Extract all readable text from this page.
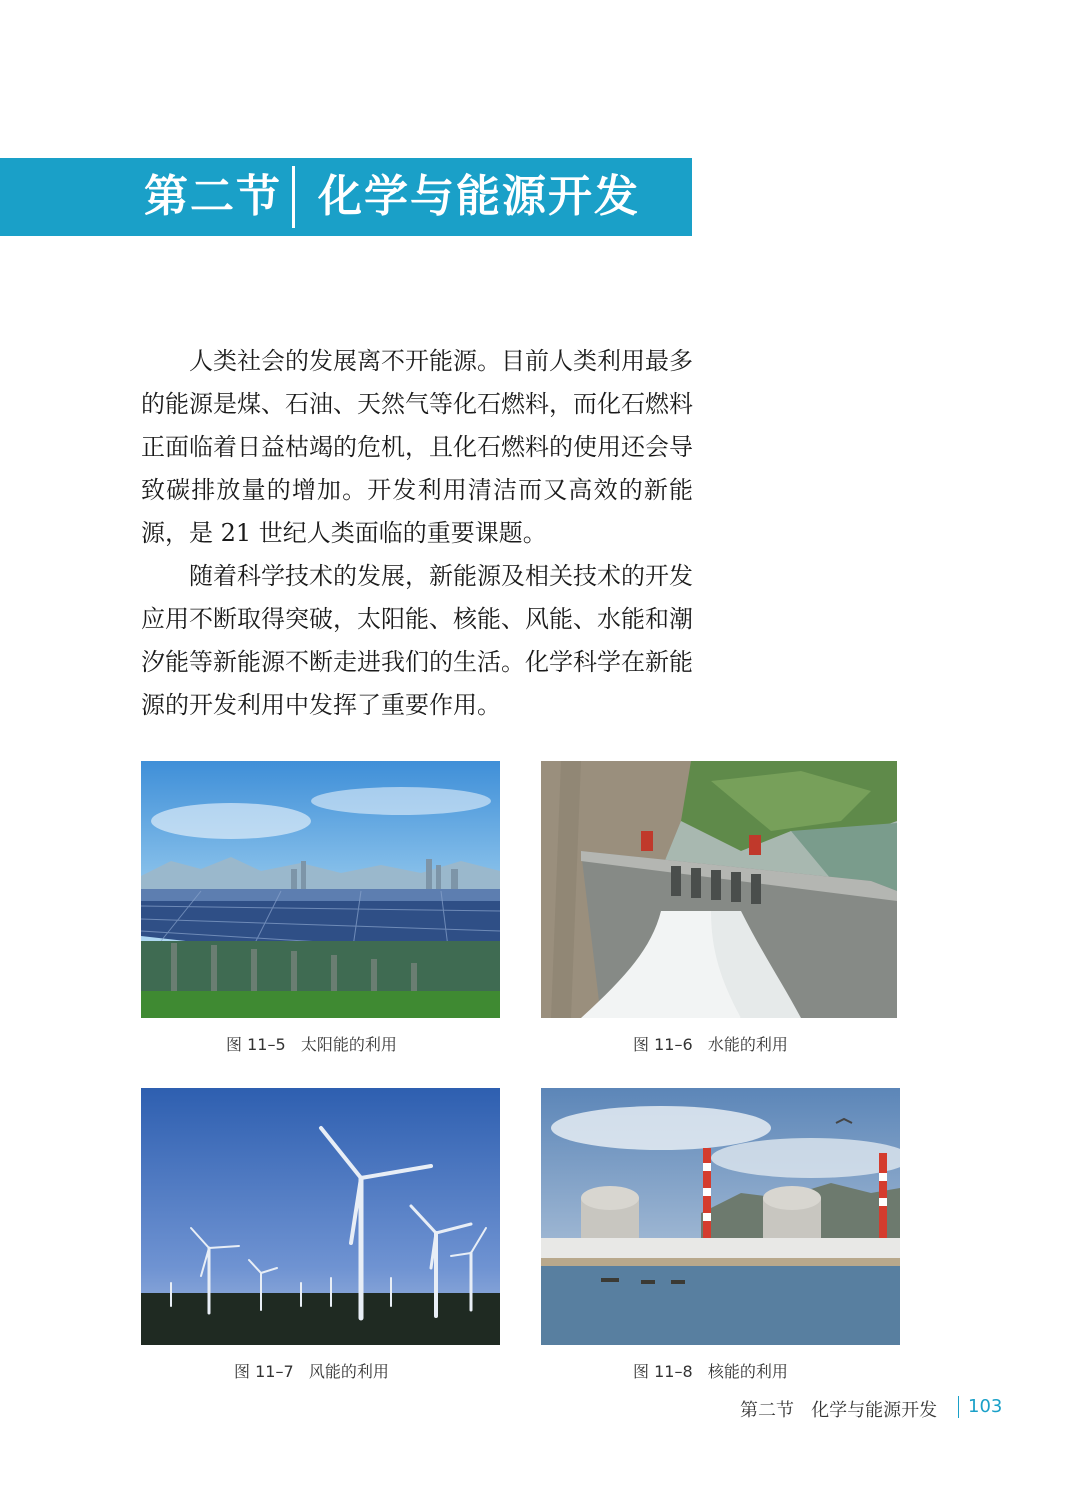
第二节 化学与能源开发

人类社会的发展离不开能源。目前人类利用最多的能源是煤、石油、天然气等化石燃料，而化石燃料正面临着日益枯竭的危机，且化石燃料的使用还会导致碳排放量的增加。开发利用清洁而又高效的新能源，是 21 世纪人类面临的重要课题。

随着科学技术的发展，新能源及相关技术的开发应用不断取得突破，太阳能、核能、风能、水能和潮汐能等新能源不断走进我们的生活。化学科学在新能源的开发利用中发挥了重要作用。

图 11–5   太阳能的利用	图 11–6   水能的利用
图 11–7   风能的利用	图 11–8   核能的利用
第二节   化学与能源开发 103
